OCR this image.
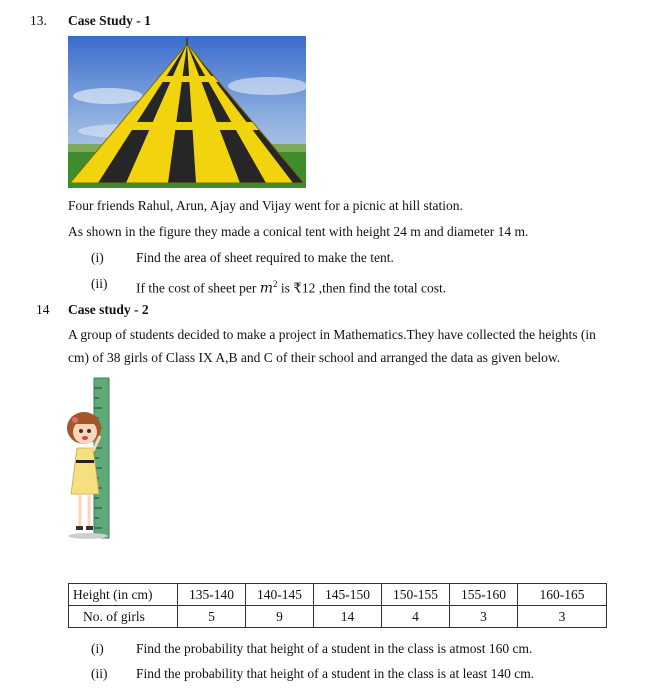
13. Case Study - 1
Four friends Rahul, Arun, Ajay and Vijay went for a picnic at hill station.
As shown in the figure they made a conical tent with height 24 m and diameter 14 m.
(i) Find the area of sheet required to make the tent.
(ii) If the cost of sheet per $m^2$ is ₹12 ,then find the total cost.
14 Case study - 2
A group of students decided to make a project in Mathematics.They have collected the heights (in
cm) of 38 girls of Class IX A,B and C of their school and arranged the data as given below.
Height (in cm)	135-140	140-145	145-150	150-155	155-160	160-165
No. of girls	5	9	14	4	3	3
(i) Find the probability that height of a student in the class is atmost 160 cm.
(ii) Find the probability that height of a student in the class is at least 140 cm.
